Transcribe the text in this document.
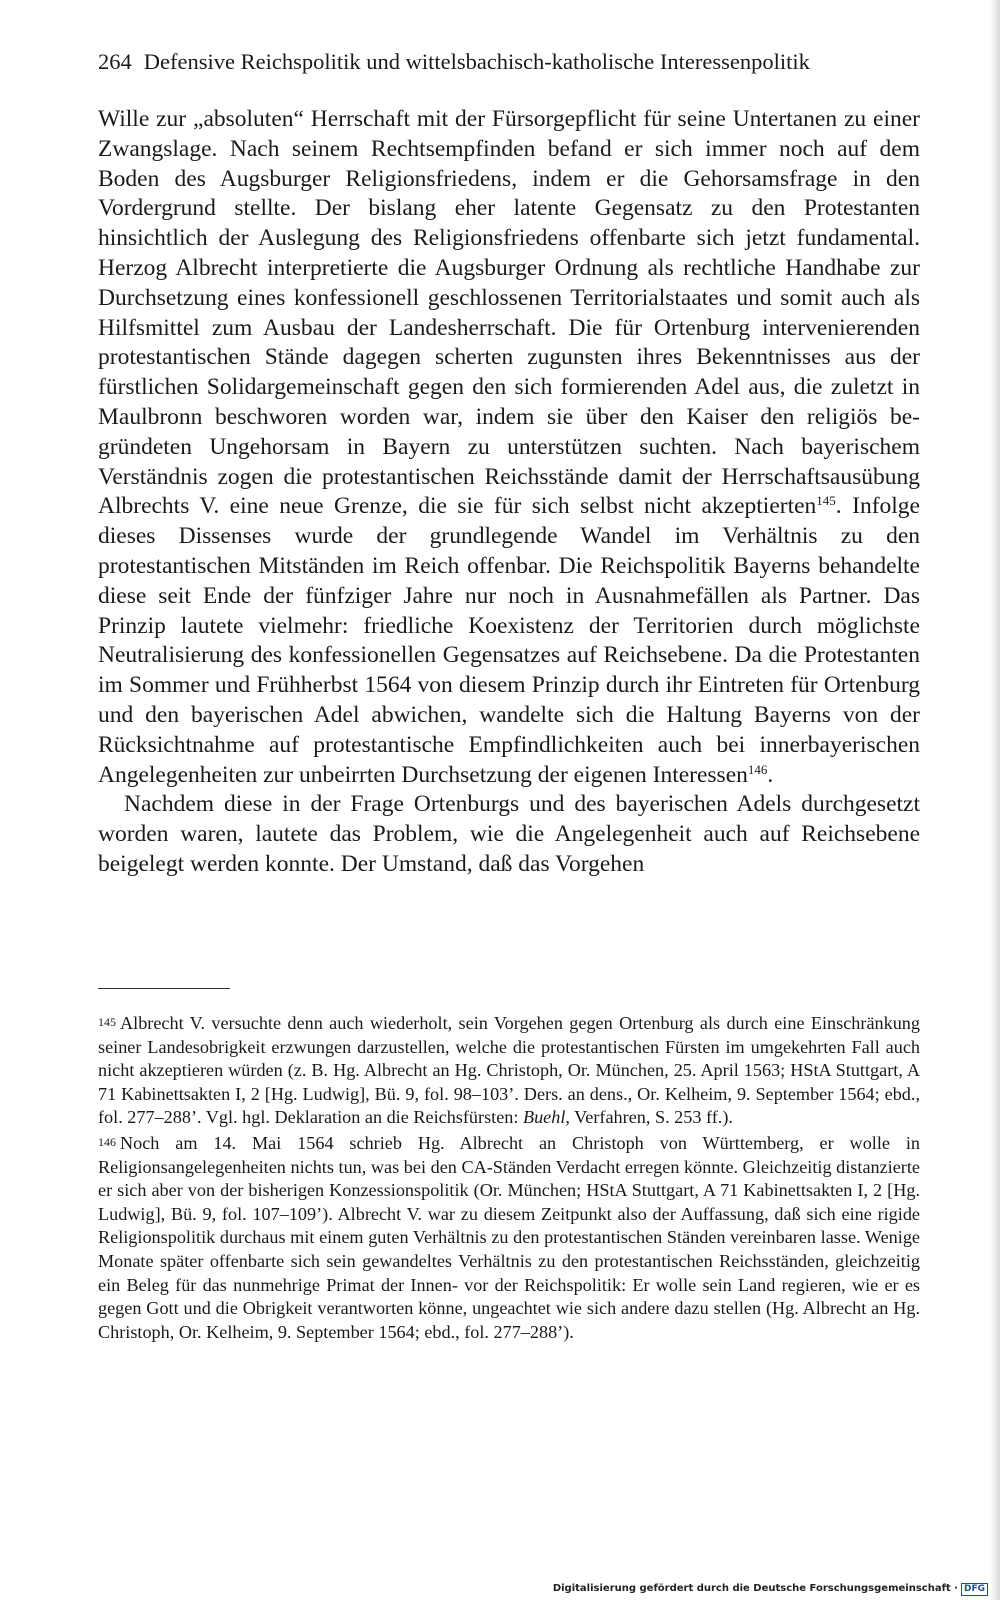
264 Defensive Reichspolitik und wittelsbachisch-katholische Interessenpolitik

Wille zur „absoluten“ Herrschaft mit der Fürsorgepflicht für seine Untertanen zu einer Zwangslage. Nach seinem Rechtsempfinden befand er sich immer noch auf dem Boden des Augsburger Religionsfriedens, indem er die Gehorsamsfrage in den Vordergrund stellte. Der bislang eher latente Gegensatz zu den Protestanten hinsichtlich der Auslegung des Religionsfriedens offenbarte sich jetzt fundamental. Herzog Albrecht interpretierte die Augsburger Ordnung als rechtliche Handhabe zur Durchsetzung eines konfessionell geschlossenen Territorialstaates und somit auch als Hilfsmittel zum Ausbau der Landesherrschaft. Die für Ortenburg intervenierenden protestantischen Stände dagegen scherten zugunsten ihres Bekenntnisses aus der fürstlichen Solidargemeinschaft gegen den sich formierenden Adel aus, die zuletzt in Maulbronn beschworen worden war, indem sie über den Kaiser den religiös begründeten Ungehorsam in Bayern zu unterstützen suchten. Nach bayerischem Verständnis zogen die protestantischen Reichsstände damit der Herrschaftsausübung Albrechts V. eine neue Grenze, die sie für sich selbst nicht akzeptierten$^{145}$. Infolge dieses Dissenses wurde der grundlegende Wandel im Verhältnis zu den protestantischen Mitständen im Reich offenbar. Die Reichspolitik Bayerns behandelte diese seit Ende der fünfziger Jahre nur noch in Ausnahmefällen als Partner. Das Prinzip lautete vielmehr: friedliche Koexistenz der Territorien durch möglichste Neutralisierung des konfessionellen Gegensatzes auf Reichsebene. Da die Protestanten im Sommer und Frühherbst 1564 von diesem Prinzip durch ihr Eintreten für Ortenburg und den bayerischen Adel abwichen, wandelte sich die Haltung Bayerns von der Rücksichtnahme auf protestantische Empfindlichkeiten auch bei innerbayerischen Angelegenheiten zur unbeirrten Durchsetzung der eigenen Interessen$^{146}$.

Nachdem diese in der Frage Ortenburgs und des bayerischen Adels durchgesetzt worden waren, lautete das Problem, wie die Angelegenheit auch auf Reichsebene beigelegt werden konnte. Der Umstand, daß das Vorgehen

145 Albrecht V. versuchte denn auch wiederholt, sein Vorgehen gegen Ortenburg als durch eine Einschränkung seiner Landesobrigkeit erzwungen darzustellen, welche die protestantischen Fürsten im umgekehrten Fall auch nicht akzeptieren würden (z. B. Hg. Albrecht an Hg. Christoph, Or. München, 25. April 1563; HStA Stuttgart, A 71 Kabinettsakten I, 2 [Hg. Ludwig], Bü. 9, fol. 98–103’. Ders. an dens., Or. Kelheim, 9. September 1564; ebd., fol. 277–288’. Vgl. hgl. Deklaration an die Reichsfürsten: Buehl, Verfahren, S. 253 ff.).

146 Noch am 14. Mai 1564 schrieb Hg. Albrecht an Christoph von Württemberg, er wolle in Religionsangelegenheiten nichts tun, was bei den CA-Ständen Verdacht erregen könnte. Gleichzeitig distanzierte er sich aber von der bisherigen Konzessionspolitik (Or. München; HStA Stuttgart, A 71 Kabinettsakten I, 2 [Hg. Ludwig], Bü. 9, fol. 107–109’). Albrecht V. war zu diesem Zeitpunkt also der Auffassung, daß sich eine rigide Religionspolitik durchaus mit einem guten Verhältnis zu den protestantischen Ständen vereinbaren lasse. Wenige Monate später offenbarte sich sein gewandeltes Verhältnis zu den protestantischen Reichsständen, gleichzeitig ein Beleg für das nunmehrige Primat der Innen- vor der Reichspolitik: Er wolle sein Land regieren, wie er es gegen Gott und die Obrigkeit verantworten könne, ungeachtet wie sich andere dazu stellen (Hg. Albrecht an Hg. Christoph, Or. Kelheim, 9. September 1564; ebd., fol. 277–288’).

Digitalisierung gefördert durch die Deutsche Forschungsgemeinschaft · DFG
